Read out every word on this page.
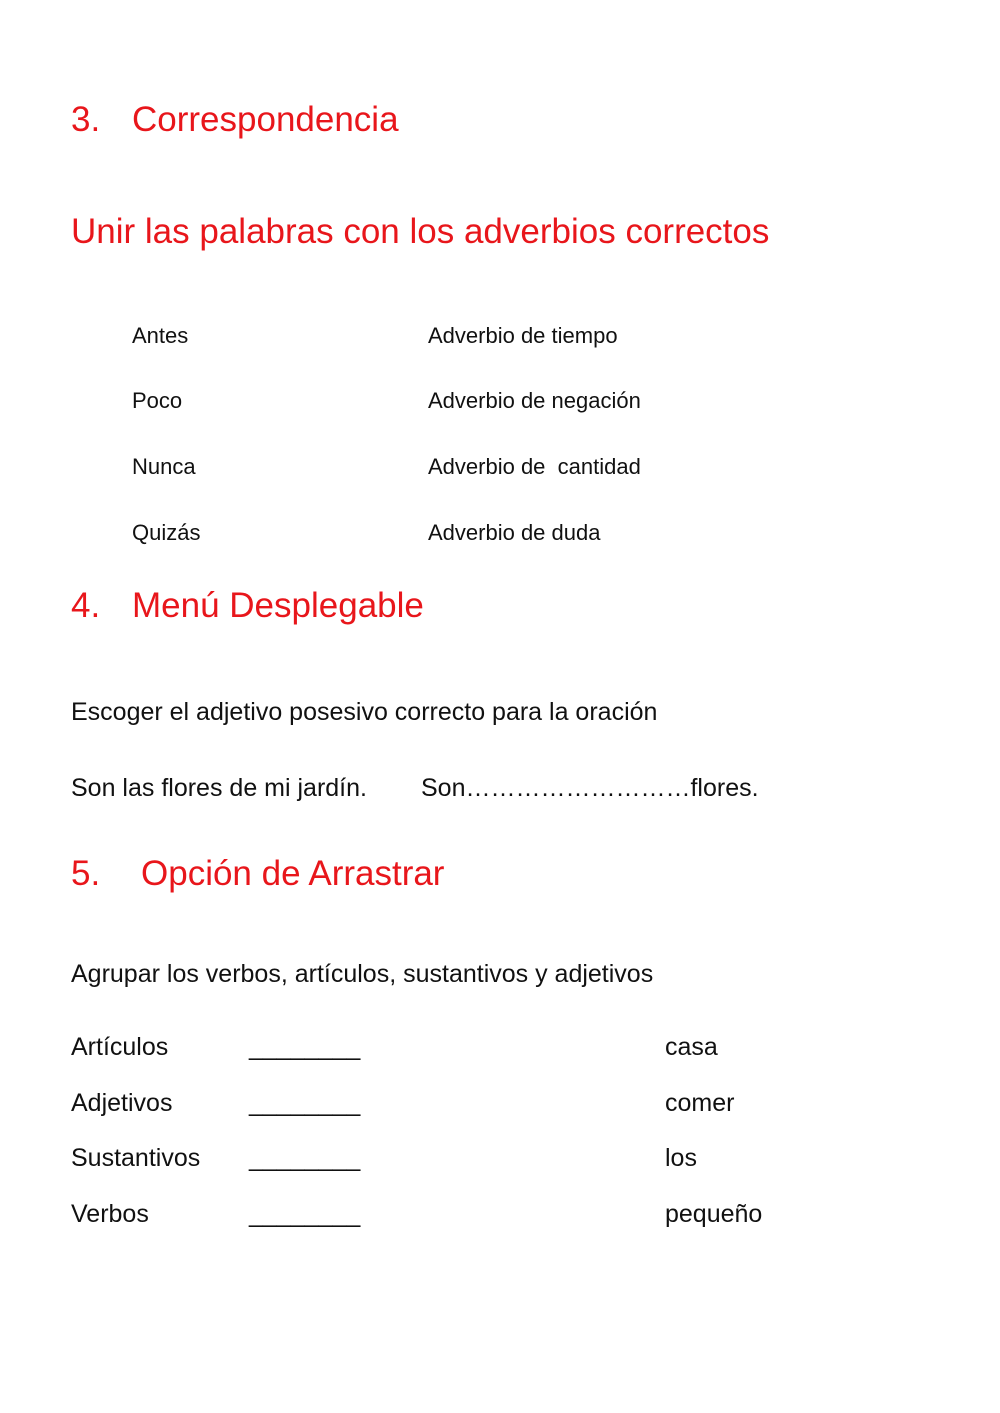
3. Correspondencia
Unir las palabras con los adverbios correctos
Antes
Poco
Nunca
Quizás
Adverbio de tiempo
Adverbio de negación
Adverbio de  cantidad
Adverbio de duda
4. Menú Desplegable
Escoger el adjetivo posesivo correcto para la oración
Son las flores de mi jardín. Son………………………flores.
5. Opción de Arrastrar
Agrupar los verbos, artículos, sustantivos y adjetivos
Artículos
Adjetivos
Sustantivos
Verbos
________
________
________
________
casa
comer
los
pequeño
